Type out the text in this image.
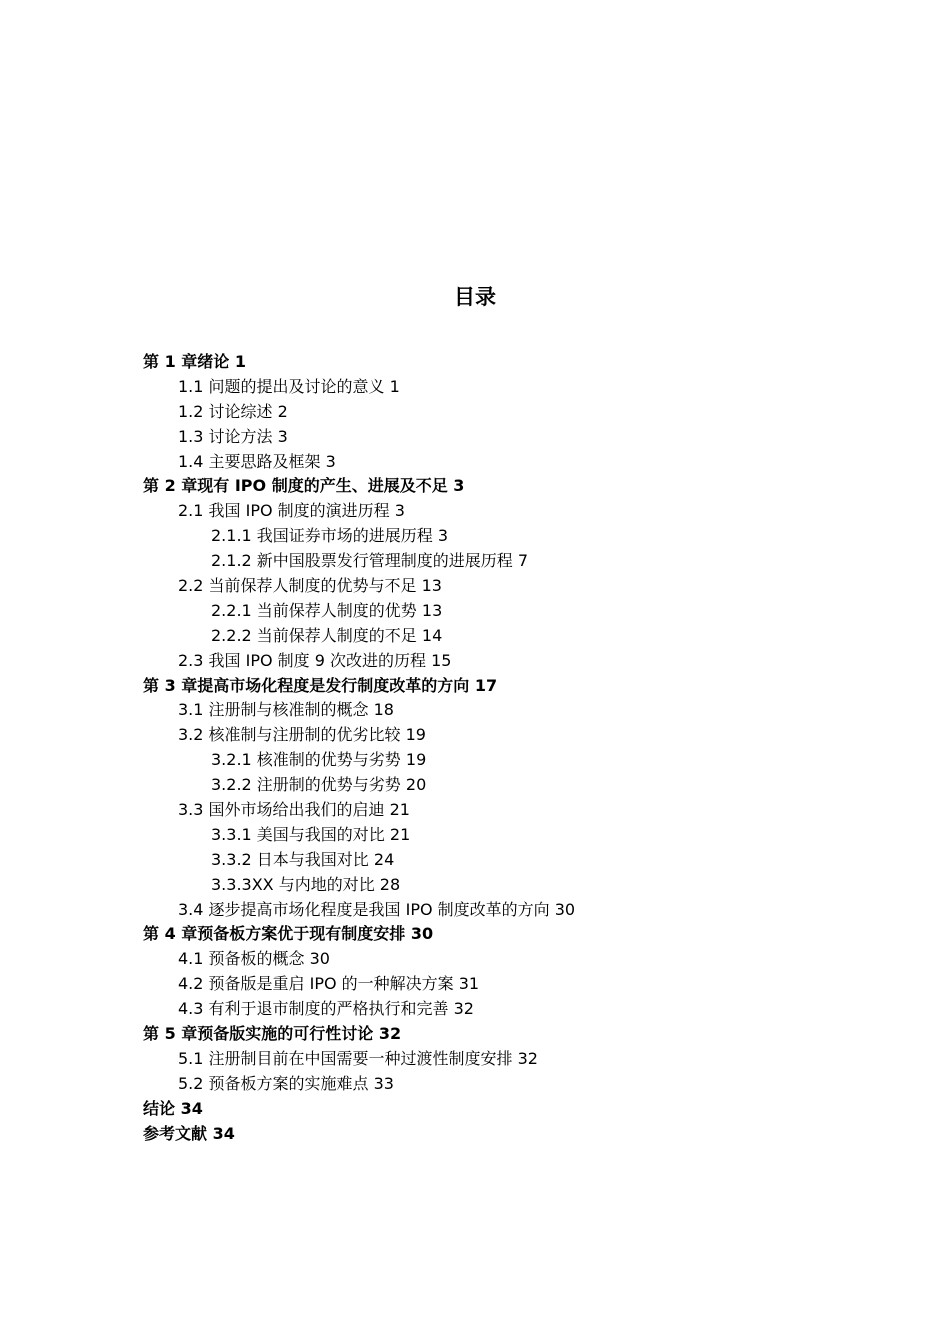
目录
第 1 章绪论 1
1.1 问题的提出及讨论的意义 1
1.2 讨论综述 2
1.3 讨论方法 3
1.4 主要思路及框架 3
第 2 章现有 IPO 制度的产生、进展及不足 3
2.1 我国 IPO 制度的演进历程 3
2.1.1 我国证券市场的进展历程 3
2.1.2 新中国股票发行管理制度的进展历程 7
2.2 当前保荐人制度的优势与不足 13
2.2.1 当前保荐人制度的优势 13
2.2.2 当前保荐人制度的不足 14
2.3 我国 IPO 制度 9 次改进的历程 15
第 3 章提高市场化程度是发行制度改革的方向 17
3.1 注册制与核准制的概念 18
3.2 核准制与注册制的优劣比较 19
3.2.1 核准制的优势与劣势 19
3.2.2 注册制的优势与劣势 20
3.3 国外市场给出我们的启迪 21
3.3.1 美国与我国的对比 21
3.3.2 日本与我国对比 24
3.3.3XX 与内地的对比 28
3.4 逐步提高市场化程度是我国 IPO 制度改革的方向 30
第 4 章预备板方案优于现有制度安排 30
4.1 预备板的概念 30
4.2 预备版是重启 IPO 的一种解决方案 31
4.3 有利于退市制度的严格执行和完善 32
第 5 章预备版实施的可行性讨论 32
5.1 注册制目前在中国需要一种过渡性制度安排 32
5.2 预备板方案的实施难点 33
结论 34
参考文献 34
